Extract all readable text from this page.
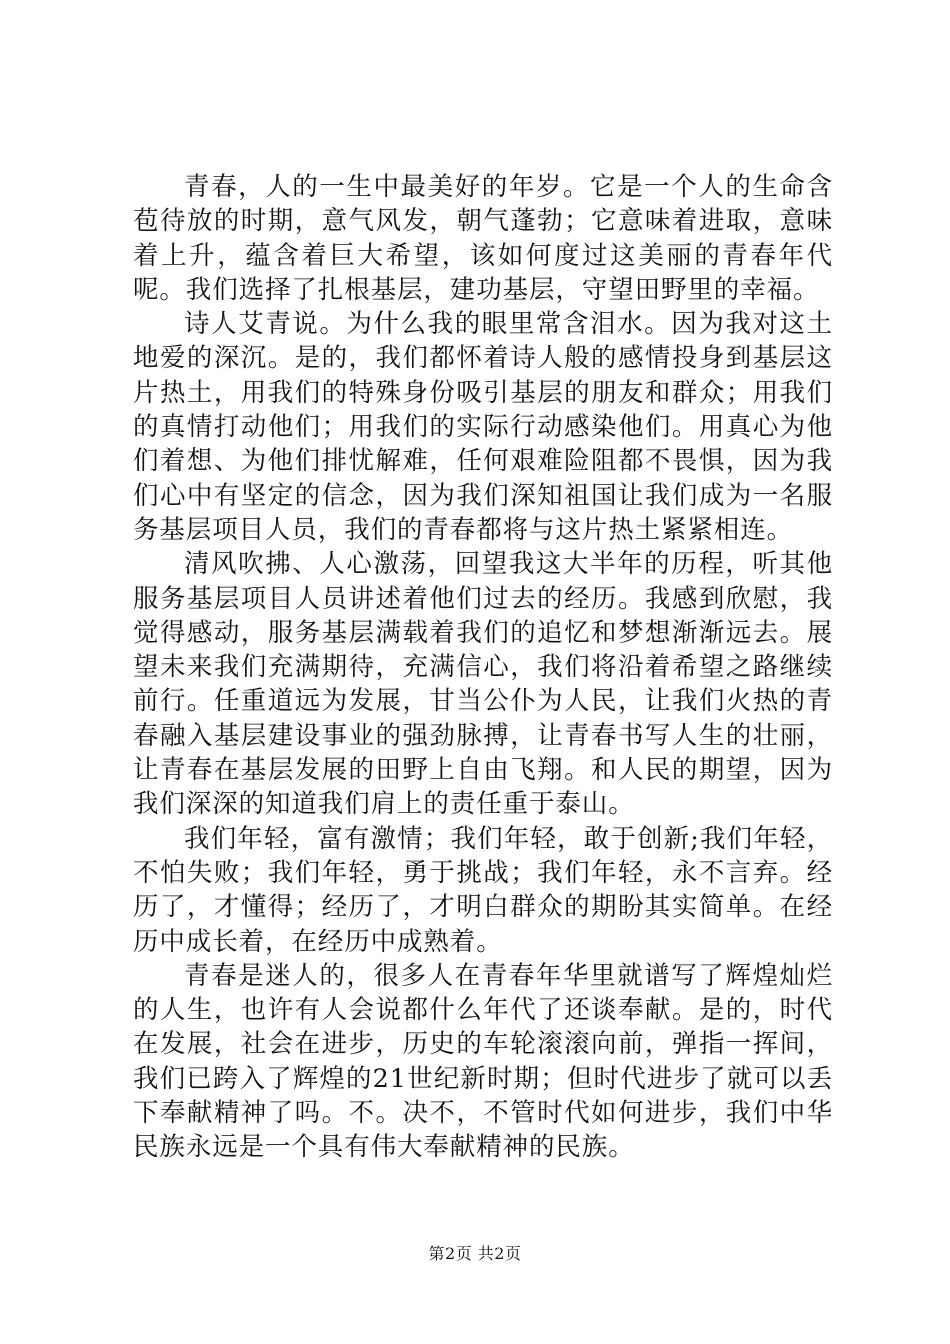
青春，人的一生中最美好的年岁。它是一个人的生命含苞待放的时期，意气风发，朝气蓬勃；它意味着进取，意味着上升，蕴含着巨大希望，该如何度过这美丽的青春年代呢。我们选择了扎根基层，建功基层，守望田野里的幸福。

诗人艾青说。为什么我的眼里常含泪水。因为我对这土地爱的深沉。是的，我们都怀着诗人般的感情投身到基层这片热土，用我们的特殊身份吸引基层的朋友和群众；用我们的真情打动他们；用我们的实际行动感染他们。用真心为他们着想、为他们排忧解难，任何艰难险阻都不畏惧，因为我们心中有坚定的信念，因为我们深知祖国让我们成为一名服务基层项目人员，我们的青春都将与这片热土紧紧相连。

清风吹拂、人心激荡，回望我这大半年的历程，听其他服务基层项目人员讲述着他们过去的经历。我感到欣慰，我觉得感动，服务基层满载着我们的追忆和梦想渐渐远去。展望未来我们充满期待，充满信心，我们将沿着希望之路继续前行。任重道远为发展，甘当公仆为人民，让我们火热的青春融入基层建设事业的强劲脉搏，让青春书写人生的壮丽，让青春在基层发展的田野上自由飞翔。和人民的期望，因为我们深深的知道我们肩上的责任重于泰山。

我们年轻，富有激情；我们年轻，敢于创新;我们年轻，不怕失败；我们年轻，勇于挑战；我们年轻，永不言弃。经历了，才懂得；经历了，才明白群众的期盼其实简单。在经历中成长着，在经历中成熟着。

青春是迷人的，很多人在青春年华里就谱写了辉煌灿烂的人生，也许有人会说都什么年代了还谈奉献。是的，时代在发展，社会在进步，历史的车轮滚滚向前，弹指一挥间，我们已跨入了辉煌的21世纪新时期；但时代进步了就可以丢下奉献精神了吗。不。决不，不管时代如何进步，我们中华民族永远是一个具有伟大奉献精神的民族。

第2页 共2页
